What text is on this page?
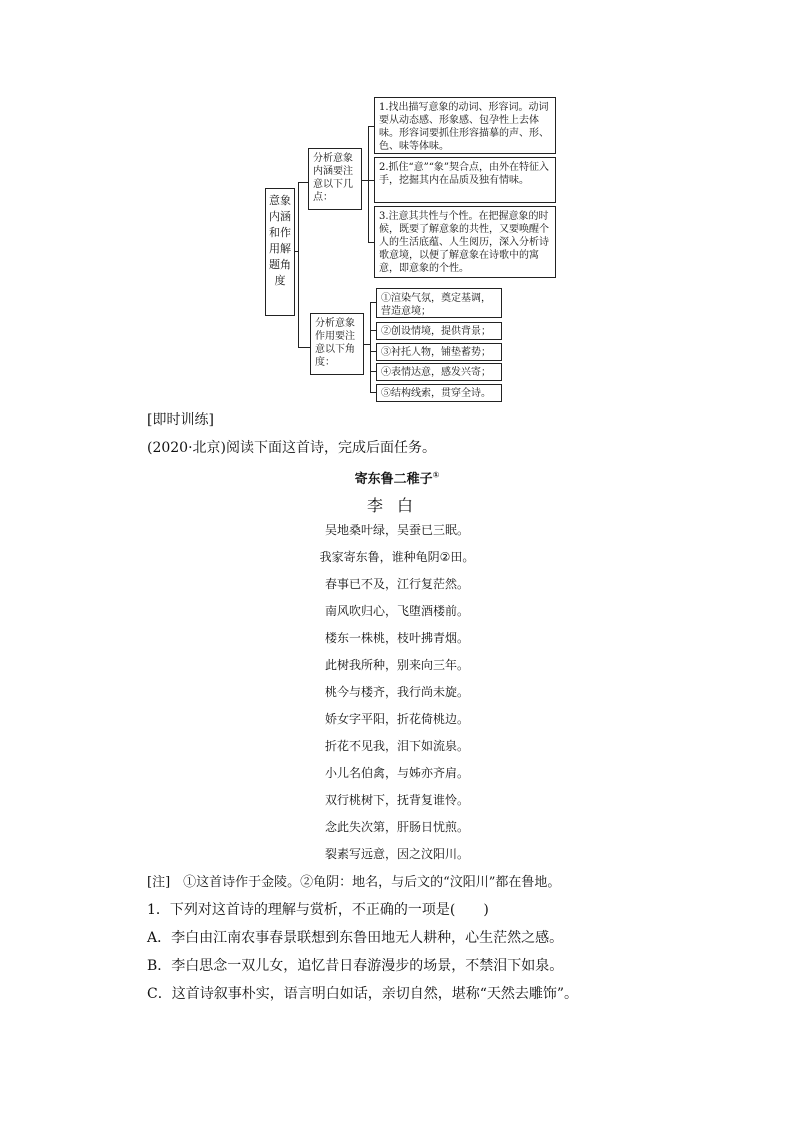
意象内涵和作用解题角度
分析意象内涵要注意以下几点：
1.找出描写意象的动词、形容词。动词要从动态感、形象感、包孕性上去体味。形容词要抓住形容描摹的声、形、色、味等体味。
2.抓住“意”“象”契合点，由外在特征入手，挖掘其内在品质及独有情味。
3.注意其共性与个性。在把握意象的时候，既要了解意象的共性，又要唤醒个人的生活底蕴、人生阅历，深入分析诗歌意境，以便了解意象在诗歌中的寓意，即意象的个性。
分析意象作用要注意以下角度：
①渲染气氛，奠定基调，营造意境；
②创设情境，提供背景；
③衬托人物，铺垫蓄势；
④表情达意，感发兴寄；
⑤结构线索，贯穿全诗。
[即时训练]
(2020·北京)阅读下面这首诗，完成后面任务。
寄东鲁二稚子①
李白
吴地桑叶绿，吴蚕已三眠。
我家寄东鲁，谁种龟阴②田。
春事已不及，江行复茫然。
南风吹归心，飞堕酒楼前。
楼东一株桃，枝叶拂青烟。
此树我所种，别来向三年。
桃今与楼齐，我行尚未旋。
娇女字平阳，折花倚桃边。
折花不见我，泪下如流泉。
小儿名伯禽，与姊亦齐肩。
双行桃树下，抚背复谁怜。
念此失次第，肝肠日忧煎。
裂素写远意，因之汶阳川。
[注]　①这首诗作于金陵。②龟阴：地名，与后文的“汶阳川”都在鲁地。
1．下列对这首诗的理解与赏析，不正确的一项是(　　)
A．李白由江南农事春景联想到东鲁田地无人耕种，心生茫然之感。
B．李白思念一双儿女，追忆昔日春游漫步的场景，不禁泪下如泉。
C．这首诗叙事朴实，语言明白如话，亲切自然，堪称“天然去雕饰”。
